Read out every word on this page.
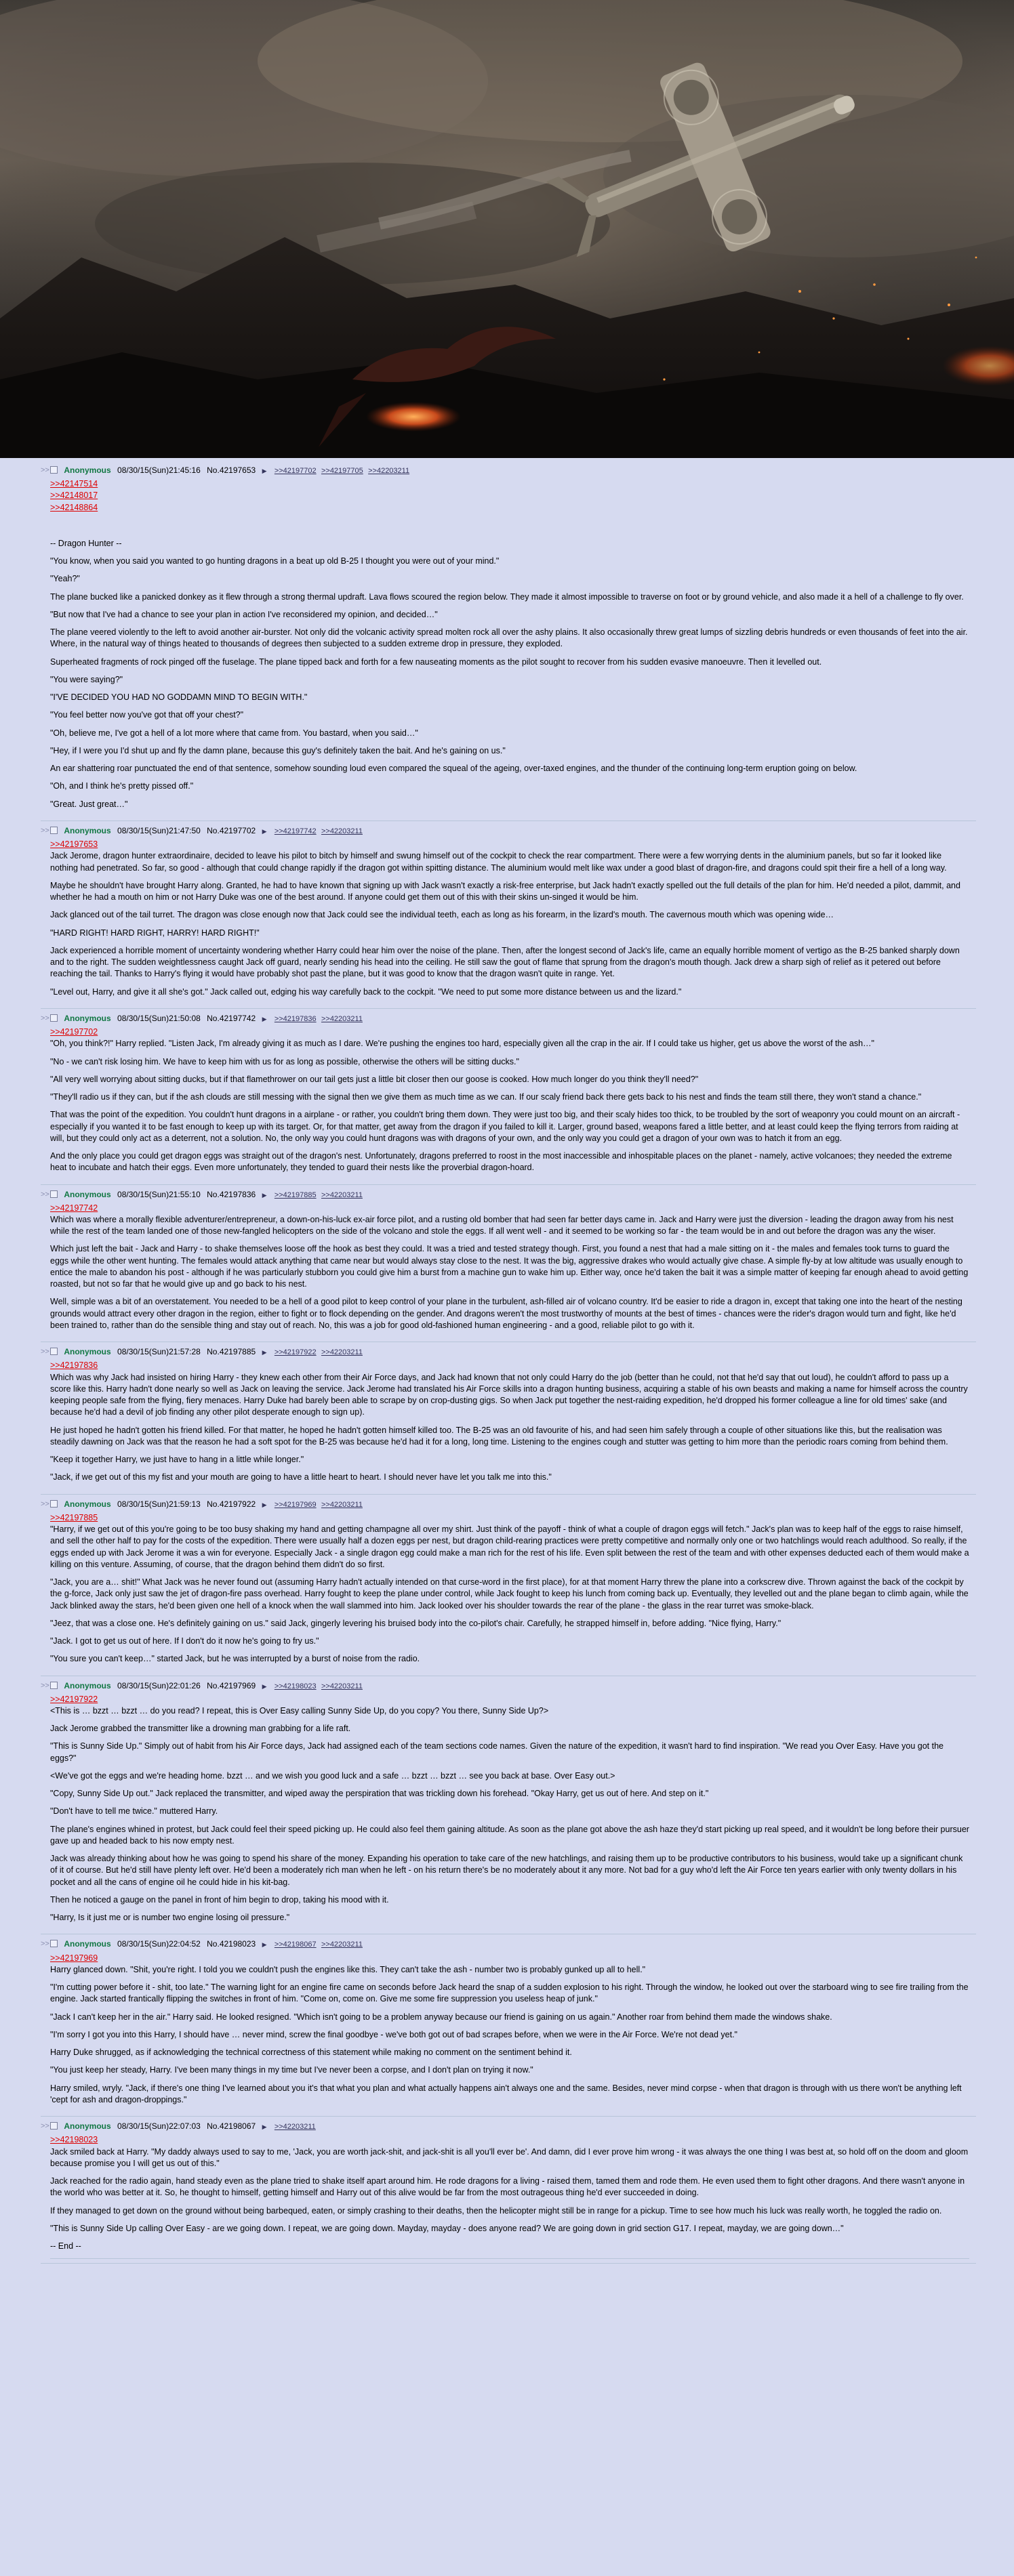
>>	Anonymous 08/30/15(Sun)21:45:16 No.42197653 ▶ >>42197702 >>42197705 >>42203211
>>42147514
>>42148017
>>42148864

-- Dragon Hunter --

"You know, when you said you wanted to go hunting dragons in a beat up old B-25 I thought you were out of your mind."

"Yeah?"

The plane bucked like a panicked donkey as it flew through a strong thermal updraft. Lava flows scoured the region below. They made it almost impossible to traverse on foot or by ground vehicle, and also made it a hell of a challenge to fly over.

"But now that I've had a chance to see your plan in action I've reconsidered my opinion, and decided…"

The plane veered violently to the left to avoid another air-burster. Not only did the volcanic activity spread molten rock all over the ashy plains. It also occasionally threw great lumps of sizzling debris hundreds or even thousands of feet into the air. Where, in the natural way of things heated to thousands of degrees then subjected to a sudden extreme drop in pressure, they exploded.

Superheated fragments of rock pinged off the fuselage. The plane tipped back and forth for a few nauseating moments as the pilot sought to recover from his sudden evasive manoeuvre. Then it levelled out.

"You were saying?"

"I'VE DECIDED YOU HAD NO GODDAMN MIND TO BEGIN WITH."

"You feel better now you've got that off your chest?"

"Oh, believe me, I've got a hell of a lot more where that came from. You bastard, when you said…"

"Hey, if I were you I'd shut up and fly the damn plane, because this guy's definitely taken the bait. And he's gaining on us."

An ear shattering roar punctuated the end of that sentence, somehow sounding loud even compared the squeal of the ageing, over-taxed engines, and the thunder of the continuing long-term eruption going on below.

"Oh, and I think he's pretty pissed off."

"Great. Just great…"

>>	Anonymous 08/30/15(Sun)21:47:50 No.42197702 ▶ >>42197742 >>42203211
>>42197653

Jack Jerome, dragon hunter extraordinaire, decided to leave his pilot to bitch by himself and swung himself out of the cockpit to check the rear compartment. There were a few worrying dents in the aluminium panels, but so far it looked like nothing had penetrated. So far, so good - although that could change rapidly if the dragon got within spitting distance. The aluminium would melt like wax under a good blast of dragon-fire, and dragons could spit their fire a hell of a long way.

Maybe he shouldn't have brought Harry along. Granted, he had to have known that signing up with Jack wasn't exactly a risk-free enterprise, but Jack hadn't exactly spelled out the full details of the plan for him. He'd needed a pilot, dammit, and whether he had a mouth on him or not Harry Duke was one of the best around. If anyone could get them out of this with their skins un-singed it would be him.

Jack glanced out of the tail turret. The dragon was close enough now that Jack could see the individual teeth, each as long as his forearm, in the lizard's mouth. The cavernous mouth which was opening wide…

"HARD RIGHT! HARD RIGHT, HARRY! HARD RIGHT!"

Jack experienced a horrible moment of uncertainty wondering whether Harry could hear him over the noise of the plane. Then, after the longest second of Jack's life, came an equally horrible moment of vertigo as the B-25 banked sharply down and to the right. The sudden weightlessness caught Jack off guard, nearly sending his head into the ceiling. He still saw the gout of flame that sprung from the dragon's mouth though. Jack drew a sharp sigh of relief as it petered out before reaching the tail. Thanks to Harry's flying it would have probably shot past the plane, but it was good to know that the dragon wasn't quite in range. Yet.

"Level out, Harry, and give it all she's got." Jack called out, edging his way carefully back to the cockpit. "We need to put some more distance between us and the lizard."

>>	Anonymous 08/30/15(Sun)21:50:08 No.42197742 ▶ >>42197836 >>42203211
>>42197702

"Oh, you think?!" Harry replied. "Listen Jack, I'm already giving it as much as I dare. We're pushing the engines too hard, especially given all the crap in the air. If I could take us higher, get us above the worst of the ash…"

"No - we can't risk losing him. We have to keep him with us for as long as possible, otherwise the others will be sitting ducks."

"All very well worrying about sitting ducks, but if that flamethrower on our tail gets just a little bit closer then our goose is cooked. How much longer do you think they'll need?"

"They'll radio us if they can, but if the ash clouds are still messing with the signal then we give them as much time as we can. If our scaly friend back there gets back to his nest and finds the team still there, they won't stand a chance."

That was the point of the expedition. You couldn't hunt dragons in a airplane - or rather, you couldn't bring them down. They were just too big, and their scaly hides too thick, to be troubled by the sort of weaponry you could mount on an aircraft - especially if you wanted it to be fast enough to keep up with its target. Or, for that matter, get away from the dragon if you failed to kill it. Larger, ground based, weapons fared a little better, and at least could keep the flying terrors from raiding at will, but they could only act as a deterrent, not a solution. No, the only way you could hunt dragons was with dragons of your own, and the only way you could get a dragon of your own was to hatch it from an egg.

And the only place you could get dragon eggs was straight out of the dragon's nest. Unfortunately, dragons preferred to roost in the most inaccessible and inhospitable places on the planet - namely, active volcanoes; they needed the extreme heat to incubate and hatch their eggs. Even more unfortunately, they tended to guard their nests like the proverbial dragon-hoard.

>>	Anonymous 08/30/15(Sun)21:55:10 No.42197836 ▶ >>42197885 >>42203211
>>42197742

Which was where a morally flexible adventurer/entrepreneur, a down-on-his-luck ex-air force pilot, and a rusting old bomber that had seen far better days came in. Jack and Harry were just the diversion - leading the dragon away from his nest while the rest of the team landed one of those new-fangled helicopters on the side of the volcano and stole the eggs. If all went well - and it seemed to be working so far - the team would be in and out before the dragon was any the wiser.

Which just left the bait - Jack and Harry - to shake themselves loose off the hook as best they could. It was a tried and tested strategy though. First, you found a nest that had a male sitting on it - the males and females took turns to guard the eggs while the other went hunting. The females would attack anything that came near but would always stay close to the nest. It was the big, aggressive drakes who would actually give chase. A simple fly-by at low altitude was usually enough to entice the male to abandon his post - although if he was particularly stubborn you could give him a burst from a machine gun to wake him up. Either way, once he'd taken the bait it was a simple matter of keeping far enough ahead to avoid getting roasted, but not so far that he would give up and go back to his nest.

Well, simple was a bit of an overstatement. You needed to be a hell of a good pilot to keep control of your plane in the turbulent, ash-filled air of volcano country. It'd be easier to ride a dragon in, except that taking one into the heart of the nesting grounds would attract every other dragon in the region, either to fight or to flock depending on the gender. And dragons weren't the most trustworthy of mounts at the best of times - chances were the rider's dragon would turn and fight, like he'd been trained to, rather than do the sensible thing and stay out of reach. No, this was a job for good old-fashioned human engineering - and a good, reliable pilot to go with it.

>>	Anonymous 08/30/15(Sun)21:57:28 No.42197885 ▶ >>42197922 >>42203211
>>42197836

Which was why Jack had insisted on hiring Harry - they knew each other from their Air Force days, and Jack had known that not only could Harry do the job (better than he could, not that he'd say that out loud), he couldn't afford to pass up a score like this. Harry hadn't done nearly so well as Jack on leaving the service. Jack Jerome had translated his Air Force skills into a dragon hunting business, acquiring a stable of his own beasts and making a name for himself across the country keeping people safe from the flying, fiery menaces. Harry Duke had barely been able to scrape by on crop-dusting gigs. So when Jack put together the nest-raiding expedition, he'd dropped his former colleague a line for old times' sake (and because he'd had a devil of job finding any other pilot desperate enough to sign up).

He just hoped he hadn't gotten his friend killed. For that matter, he hoped he hadn't gotten himself killed too. The B-25 was an old favourite of his, and had seen him safely through a couple of other situations like this, but the realisation was steadily dawning on Jack was that the reason he had a soft spot for the B-25 was because he'd had it for a long, long time. Listening to the engines cough and stutter was getting to him more than the periodic roars coming from behind them.

"Keep it together Harry, we just have to hang in a little while longer."

"Jack, if we get out of this my fist and your mouth are going to have a little heart to heart. I should never have let you talk me into this."

>>	Anonymous 08/30/15(Sun)21:59:13 No.42197922 ▶ >>42197969 >>42203211
>>42197885

"Harry, if we get out of this you're going to be too busy shaking my hand and getting champagne all over my shirt. Just think of the payoff - think of what a couple of dragon eggs will fetch." Jack's plan was to keep half of the eggs to raise himself, and sell the other half to pay for the costs of the expedition. There were usually half a dozen eggs per nest, but dragon child-rearing practices were pretty competitive and normally only one or two hatchlings would reach adulthood. So really, if the eggs ended up with Jack Jerome it was a win for everyone. Especially Jack - a single dragon egg could make a man rich for the rest of his life. Even split between the rest of the team and with other expenses deducted each of them would make a killing on this venture. Assuming, of course, that the dragon behind them didn't do so first.

"Jack, you are a… shit!" What Jack was he never found out (assuming Harry hadn't actually intended on that curse-word in the first place), for at that moment Harry threw the plane into a corkscrew dive. Thrown against the back of the cockpit by the g-force, Jack only just saw the jet of dragon-fire pass overhead. Harry fought to keep the plane under control, while Jack fought to keep his lunch from coming back up. Eventually, they levelled out and the plane began to climb again, while the Jack blinked away the stars, he'd been given one hell of a knock when the wall slammed into him. Jack looked over his shoulder towards the rear of the plane - the glass in the rear turret was smoke-black.

"Jeez, that was a close one. He's definitely gaining on us." said Jack, gingerly levering his bruised body into the co-pilot's chair. Carefully, he strapped himself in, before adding. "Nice flying, Harry."

"Jack. I got to get us out of here. If I don't do it now he's going to fry us."

"You sure you can't keep…" started Jack, but he was interrupted by a burst of noise from the radio.

>>	Anonymous 08/30/15(Sun)22:01:26 No.42197969 ▶ >>42198023 >>42203211
>>42197922

<This is … bzzt … bzzt … do you read? I repeat, this is Over Easy calling Sunny Side Up, do you copy? You there, Sunny Side Up?>

Jack Jerome grabbed the transmitter like a drowning man grabbing for a life raft.

"This is Sunny Side Up." Simply out of habit from his Air Force days, Jack had assigned each of the team sections code names. Given the nature of the expedition, it wasn't hard to find inspiration. "We read you Over Easy. Have you got the eggs?"

<We've got the eggs and we're heading home. bzzt … and we wish you good luck and a safe … bzzt … bzzt … see you back at base. Over Easy out.>

"Copy, Sunny Side Up out." Jack replaced the transmitter, and wiped away the perspiration that was trickling down his forehead. "Okay Harry, get us out of here. And step on it."

"Don't have to tell me twice." muttered Harry.

The plane's engines whined in protest, but Jack could feel their speed picking up. He could also feel them gaining altitude. As soon as the plane got above the ash haze they'd start picking up real speed, and it wouldn't be long before their pursuer gave up and headed back to his now empty nest.

Jack was already thinking about how he was going to spend his share of the money. Expanding his operation to take care of the new hatchlings, and raising them up to be productive contributors to his business, would take up a significant chunk of it of course. But he'd still have plenty left over. He'd been a moderately rich man when he left - on his return there's be no moderately about it any more. Not bad for a guy who'd left the Air Force ten years earlier with only twenty dollars in his pocket and all the cans of engine oil he could hide in his kit-bag.

Then he noticed a gauge on the panel in front of him begin to drop, taking his mood with it.

"Harry, Is it just me or is number two engine losing oil pressure."

>>	Anonymous 08/30/15(Sun)22:04:52 No.42198023 ▶ >>42198067 >>42203211
>>42197969

Harry glanced down. "Shit, you're right. I told you we couldn't push the engines like this. They can't take the ash - number two is probably gunked up all to hell."

"I'm cutting power before it - shit, too late." The warning light for an engine fire came on seconds before Jack heard the snap of a sudden explosion to his right. Through the window, he looked out over the starboard wing to see fire trailing from the engine. Jack started frantically flipping the switches in front of him. "Come on, come on. Give me some fire suppression you useless heap of junk."

"Jack I can't keep her in the air." Harry said. He looked resigned. "Which isn't going to be a problem anyway because our friend is gaining on us again." Another roar from behind them made the windows shake.

"I'm sorry I got you into this Harry, I should have … never mind, screw the final goodbye - we've both got out of bad scrapes before, when we were in the Air Force. We're not dead yet."

Harry Duke shrugged, as if acknowledging the technical correctness of this statement while making no comment on the sentiment behind it.

"You just keep her steady, Harry. I've been many things in my time but I've never been a corpse, and I don't plan on trying it now."

Harry smiled, wryly. "Jack, if there's one thing I've learned about you it's that what you plan and what actually happens ain't always one and the same. Besides, never mind corpse - when that dragon is through with us there won't be anything left 'cept for ash and dragon-droppings."

>>	Anonymous 08/30/15(Sun)22:07:03 No.42198067 ▶ >>42203211
>>42198023

Jack smiled back at Harry. "My daddy always used to say to me, 'Jack, you are worth jack-shit, and jack-shit is all you'll ever be'. And damn, did I ever prove him wrong - it was always the one thing I was best at, so hold off on the doom and gloom because promise you I will get us out of this."

Jack reached for the radio again, hand steady even as the plane tried to shake itself apart around him. He rode dragons for a living - raised them, tamed them and rode them. He even used them to fight other dragons. And there wasn't anyone in the world who was better at it. So, he thought to himself, getting himself and Harry out of this alive would be far from the most outrageous thing he'd ever succeeded in doing.

If they managed to get down on the ground without being barbequed, eaten, or simply crashing to their deaths, then the helicopter might still be in range for a pickup. Time to see how much his luck was really worth, he toggled the radio on.

"This is Sunny Side Up calling Over Easy - are we going down. I repeat, we are going down. Mayday, mayday - does anyone read? We are going down in grid section G17. I repeat, mayday, we are going down…"

-- End --
